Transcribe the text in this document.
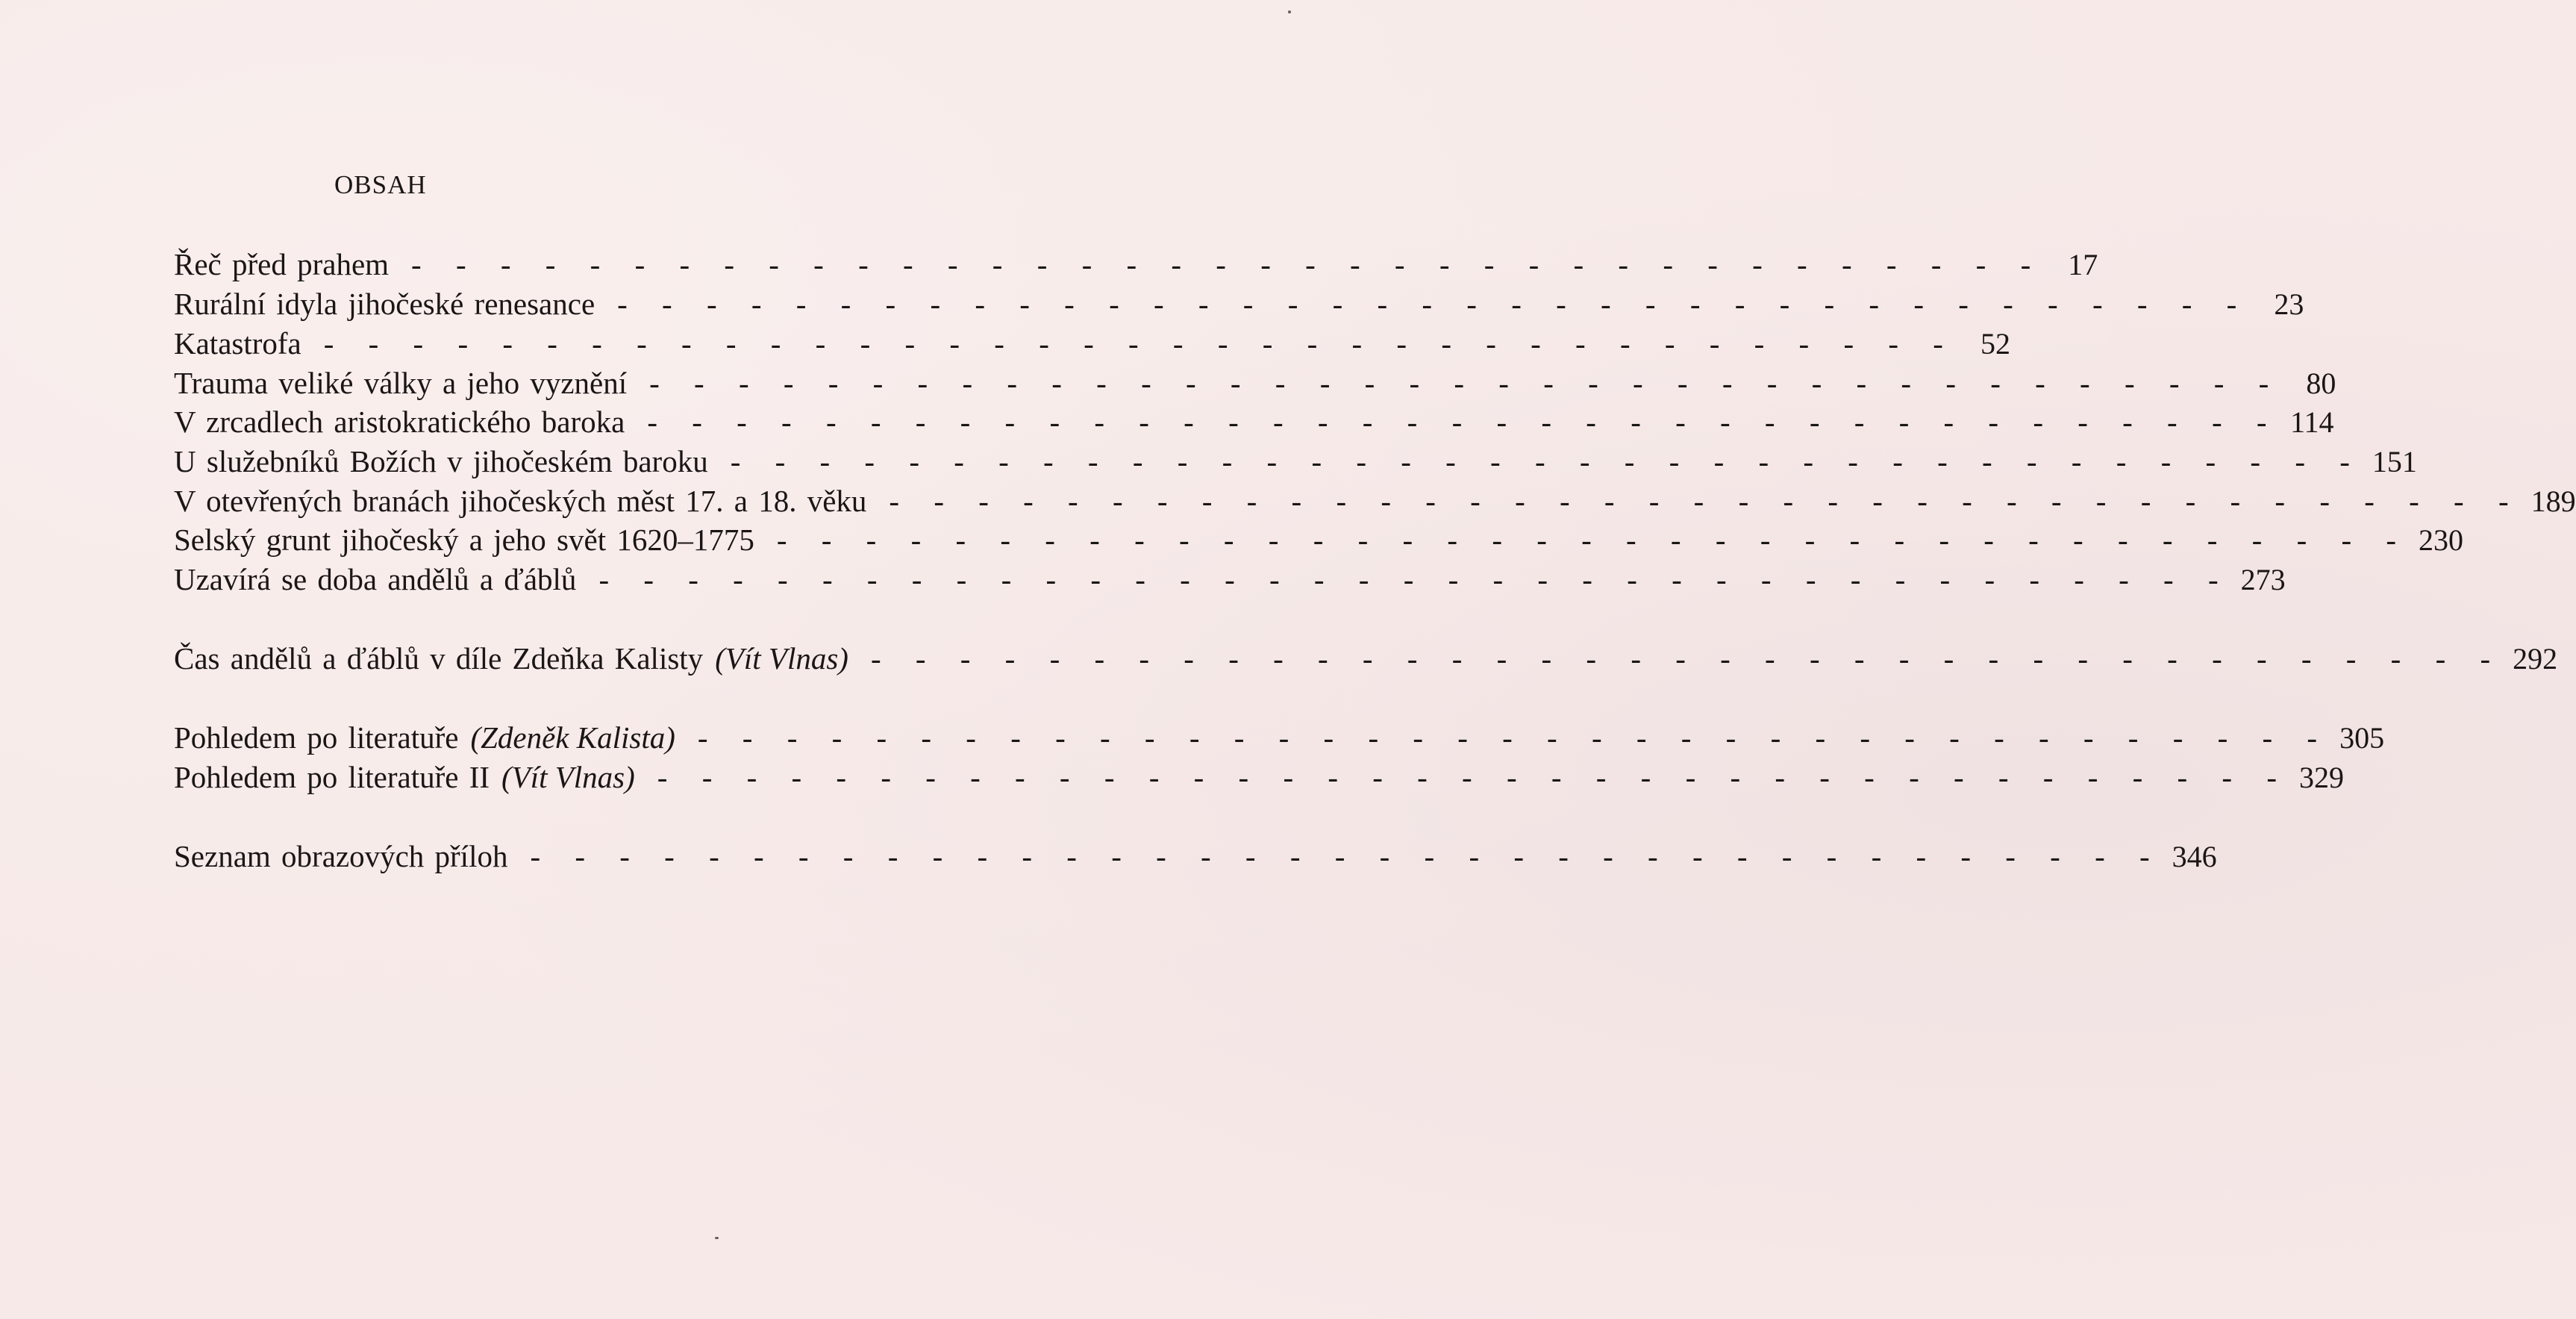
OBSAH
Řeč před prahem - - - - - - - - - - - - - - - - - - - - - - - - - - - - - - - - - - - - - 17
Rurální idyla jihočeské renesance - - - - - - - - - - - - - - - - - - - - - - - - - - - - - - - - - - - - - 23
Katastrofa - - - - - - - - - - - - - - - - - - - - - - - - - - - - - - - - - - - - - 52
Trauma veliké války a jeho vyznění - - - - - - - - - - - - - - - - - - - - - - - - - - - - - - - - - - - - - 80
V zrcadlech aristokratického baroka - - - - - - - - - - - - - - - - - - - - - - - - - - - - - - - - - - - - - 114
U služebníků Božích v jihočeském baroku - - - - - - - - - - - - - - - - - - - - - - - - - - - - - - - - - - - - - 151
V otevřených branách jihočeských měst 17. a 18. věku - - - - - - - - - - - - - - - - - - - - - - - - - - - - - - - - - - - - - 189
Selský grunt jihočeský a jeho svět 1620–1775 - - - - - - - - - - - - - - - - - - - - - - - - - - - - - - - - - - - - - 230
Uzavírá se doba andělů a ďáblů - - - - - - - - - - - - - - - - - - - - - - - - - - - - - - - - - - - - - 273
Čas andělů a ďáblů v díle Zdeňka Kalisty (Vít Vlnas) - - - - - - - - - - - - - - - - - - - - - - - - - - - - - - - - - - - - - 292
Pohledem po literatuře (Zdeněk Kalista) - - - - - - - - - - - - - - - - - - - - - - - - - - - - - - - - - - - - - 305
Pohledem po literatuře II (Vít Vlnas) - - - - - - - - - - - - - - - - - - - - - - - - - - - - - - - - - - - - - 329
Seznam obrazových příloh - - - - - - - - - - - - - - - - - - - - - - - - - - - - - - - - - - - - - 346
